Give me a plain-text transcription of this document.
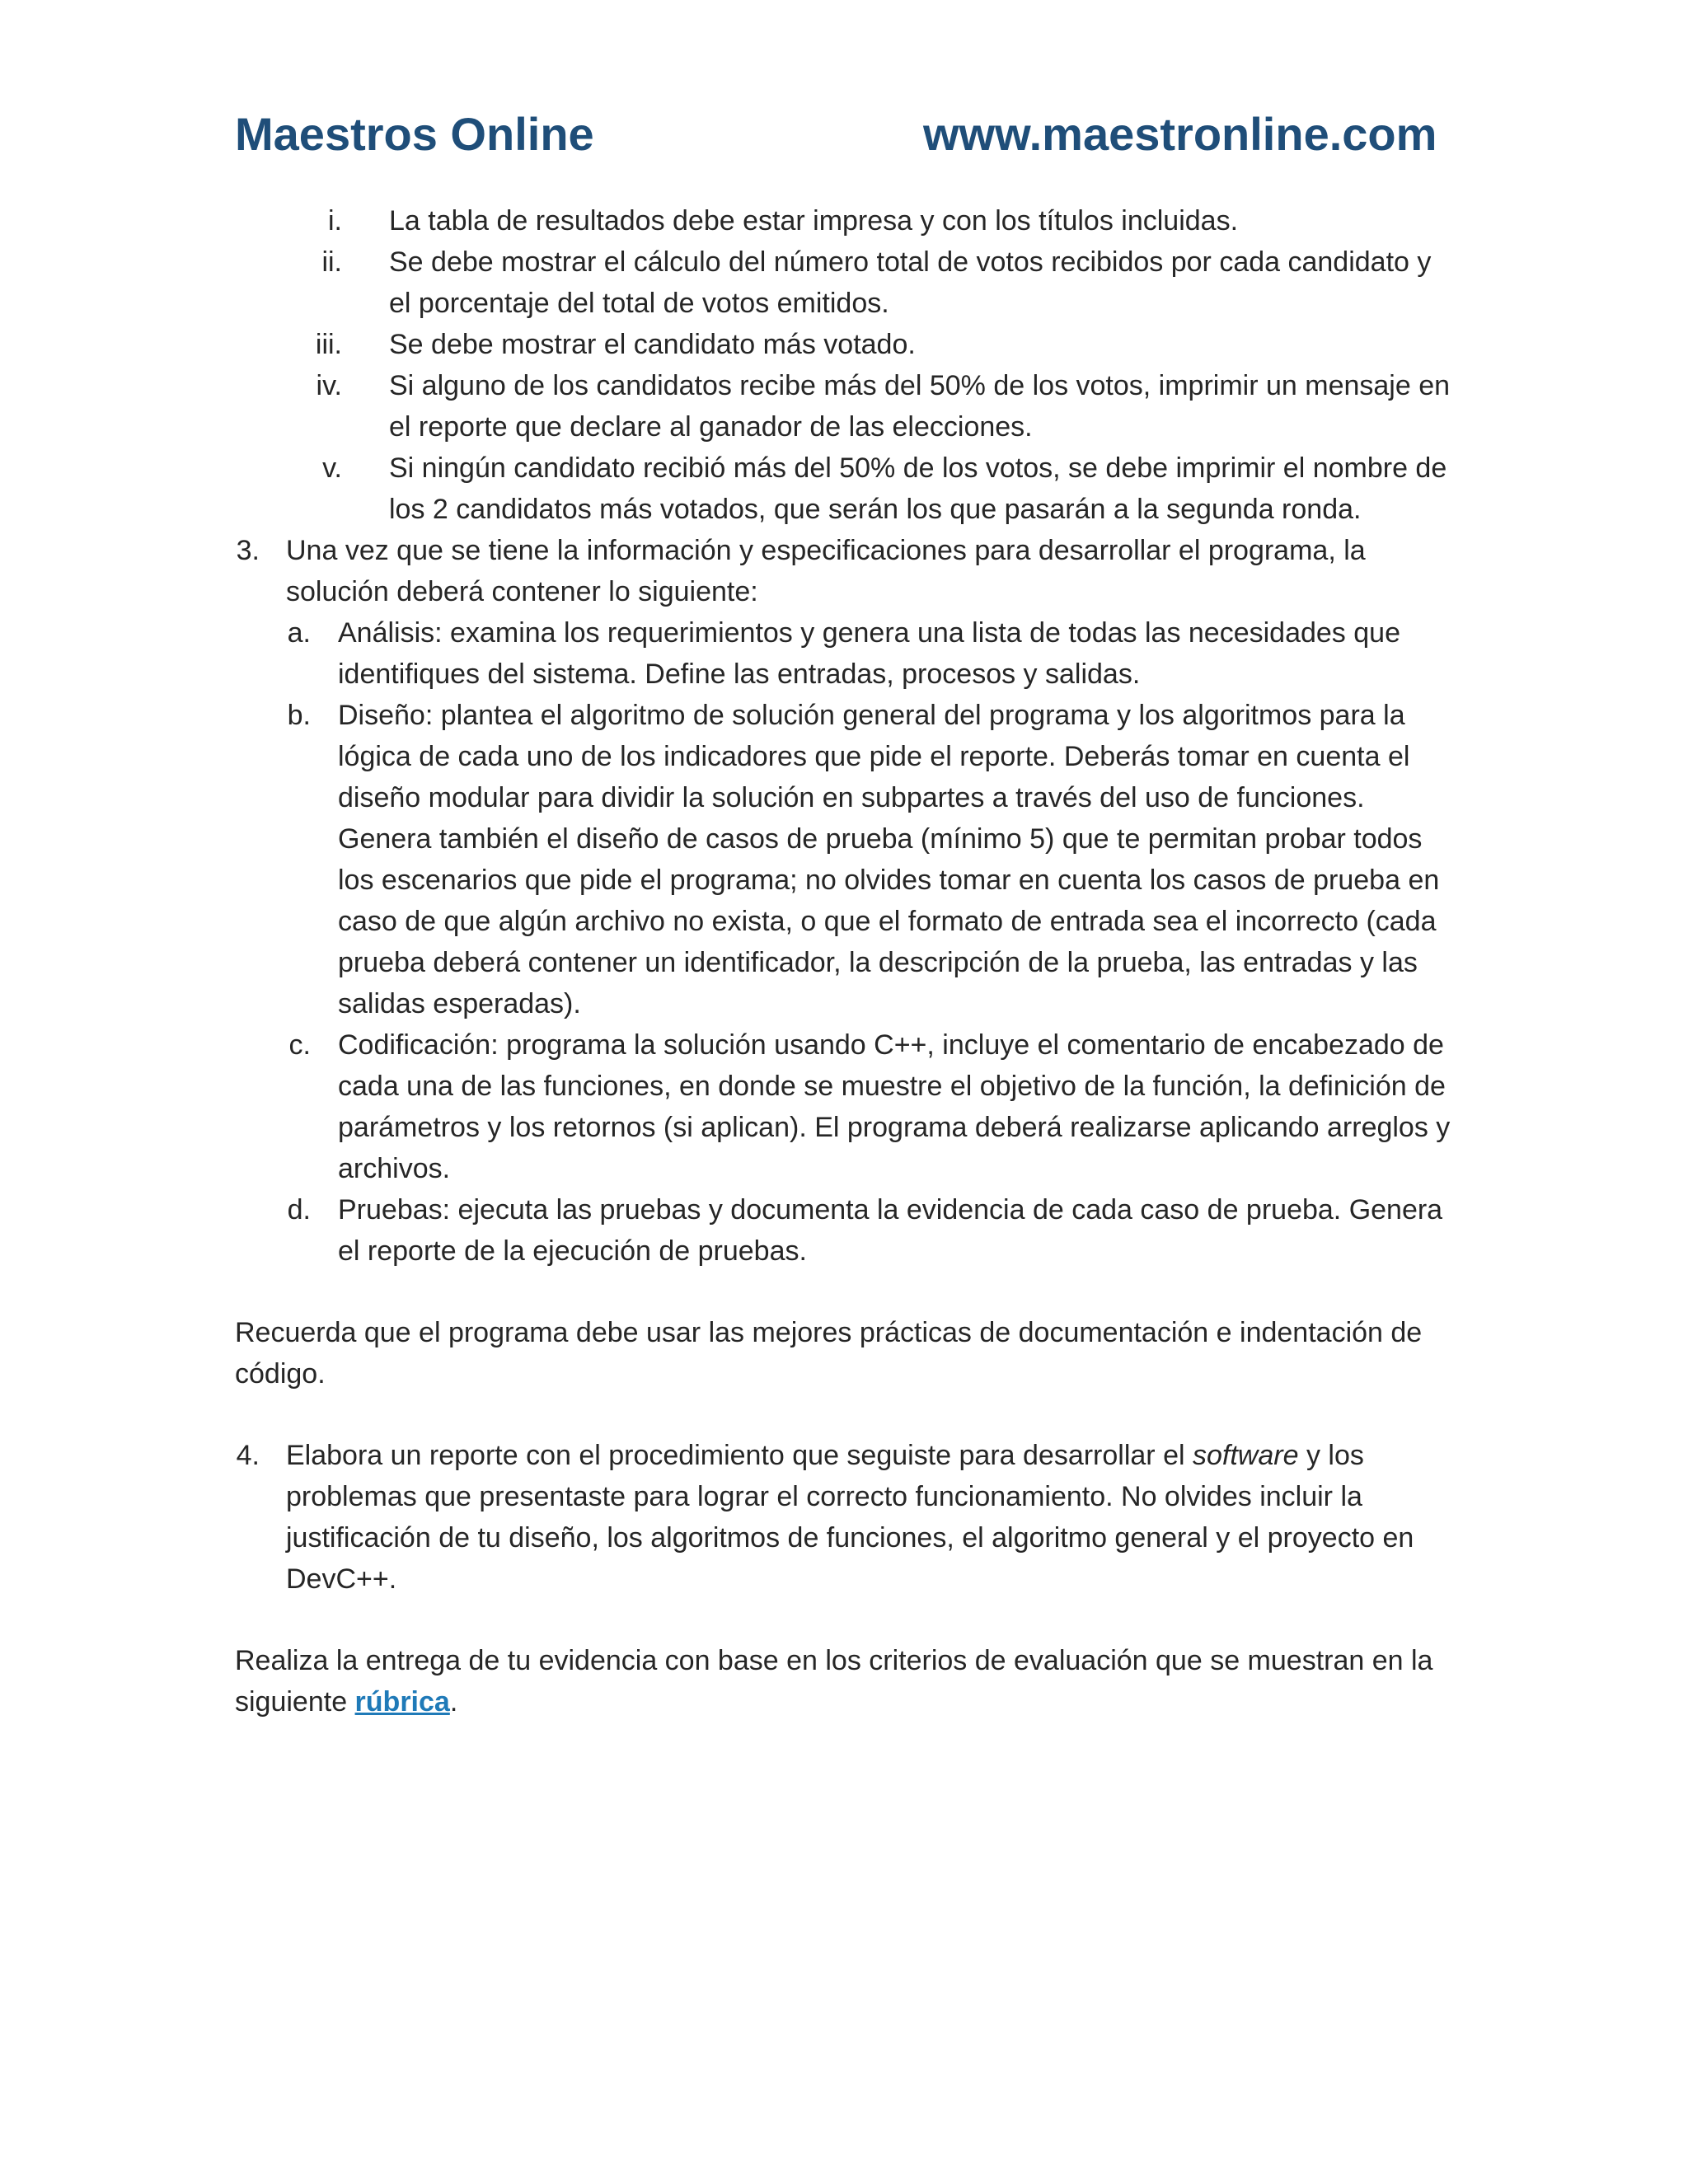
Maestros Online	www.maestronline.com
i. La tabla de resultados debe estar impresa y con los títulos incluidas.
ii. Se debe mostrar el cálculo del número total de votos recibidos por cada candidato y el porcentaje del total de votos emitidos.
iii. Se debe mostrar el candidato más votado.
iv. Si alguno de los candidatos recibe más del 50% de los votos, imprimir un mensaje en el reporte que declare al ganador de las elecciones.
v. Si ningún candidato recibió más del 50% de los votos, se debe imprimir el nombre de los 2 candidatos más votados, que serán los que pasarán a la segunda ronda.
3. Una vez que se tiene la información y especificaciones para desarrollar el programa, la solución deberá contener lo siguiente:
a. Análisis: examina los requerimientos y genera una lista de todas las necesidades que identifiques del sistema. Define las entradas, procesos y salidas.
b. Diseño: plantea el algoritmo de solución general del programa y los algoritmos para la lógica de cada uno de los indicadores que pide el reporte. Deberás tomar en cuenta el diseño modular para dividir la solución en subpartes a través del uso de funciones. Genera también el diseño de casos de prueba (mínimo 5) que te permitan probar todos los escenarios que pide el programa; no olvides tomar en cuenta los casos de prueba en caso de que algún archivo no exista, o que el formato de entrada sea el incorrecto (cada prueba deberá contener un identificador, la descripción de la prueba, las entradas y las salidas esperadas).
c. Codificación: programa la solución usando C++, incluye el comentario de encabezado de cada una de las funciones, en donde se muestre el objetivo de la función, la definición de parámetros y los retornos (si aplican). El programa deberá realizarse aplicando arreglos y archivos.
d. Pruebas: ejecuta las pruebas y documenta la evidencia de cada caso de prueba. Genera el reporte de la ejecución de pruebas.

Recuerda que el programa debe usar las mejores prácticas de documentación e indentación de código.

4. Elabora un reporte con el procedimiento que seguiste para desarrollar el software y los problemas que presentaste para lograr el correcto funcionamiento. No olvides incluir la justificación de tu diseño, los algoritmos de funciones, el algoritmo general y el proyecto en DevC++.

Realiza la entrega de tu evidencia con base en los criterios de evaluación que se muestran en la siguiente rúbrica.
